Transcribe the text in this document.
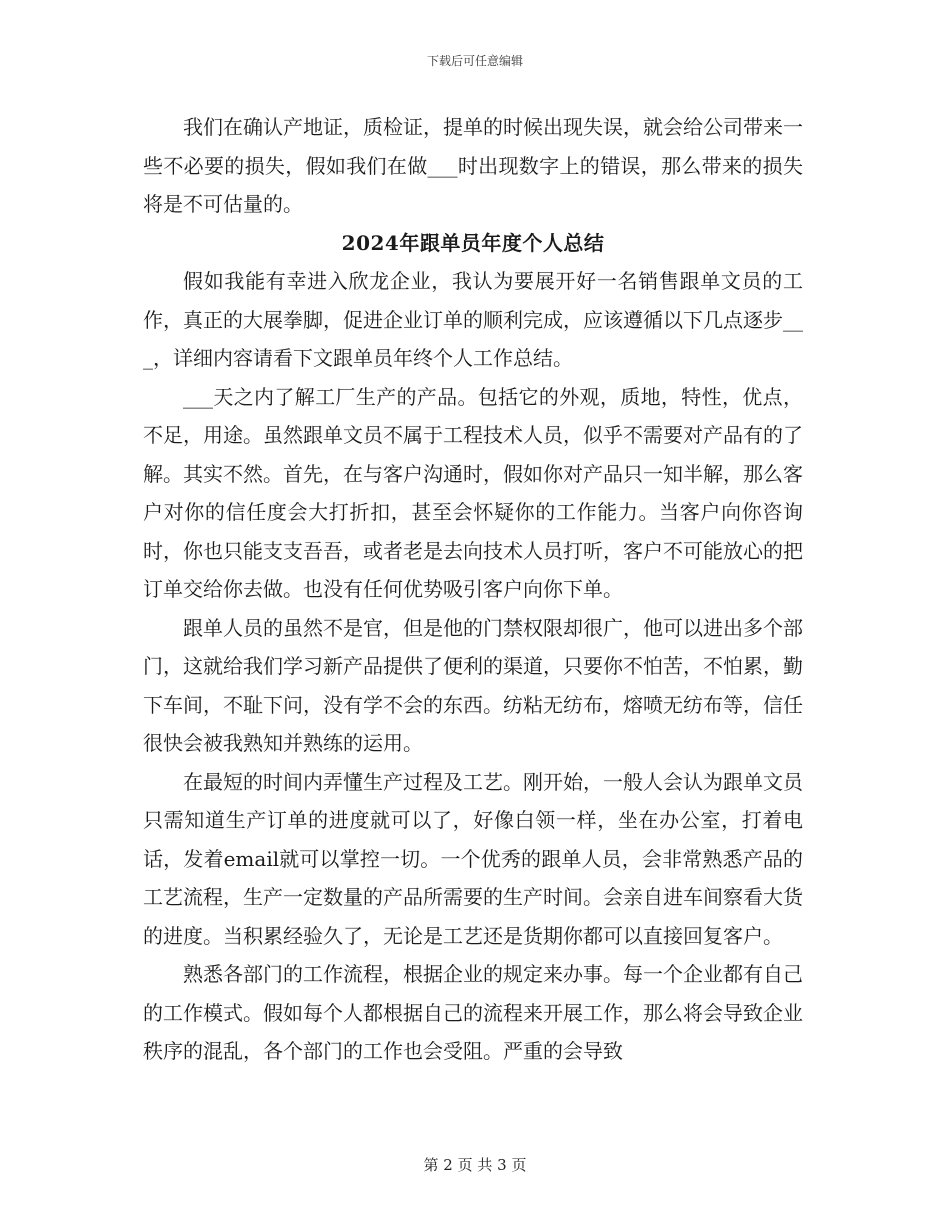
下载后可任意编辑

我们在确认产地证，质检证，提单的时候出现失误，就会给公司带来一些不必要的损失，假如我们在做___时出现数字上的错误，那么带来的损失将是不可估量的。

2024年跟单员年度个人总结

假如我能有幸进入欣龙企业，我认为要展开好一名销售跟单文员的工作，真正的大展拳脚，促进企业订单的顺利完成，应该遵循以下几点逐步___，详细内容请看下文跟单员年终个人工作总结。

___天之内了解工厂生产的产品。包括它的外观，质地，特性，优点，不足，用途。虽然跟单文员不属于工程技术人员，似乎不需要对产品有的了解。其实不然。首先，在与客户沟通时，假如你对产品只一知半解，那么客户对你的信任度会大打折扣，甚至会怀疑你的工作能力。当客户向你咨询时，你也只能支支吾吾，或者老是去向技术人员打听，客户不可能放心的把订单交给你去做。也没有任何优势吸引客户向你下单。

跟单人员的虽然不是官，但是他的门禁权限却很广，他可以进出多个部门，这就给我们学习新产品提供了便利的渠道，只要你不怕苦，不怕累，勤下车间，不耻下问，没有学不会的东西。纺粘无纺布，熔喷无纺布等，信任很快会被我熟知并熟练的运用。

在最短的时间内弄懂生产过程及工艺。刚开始，一般人会认为跟单文员只需知道生产订单的进度就可以了，好像白领一样，坐在办公室，打着电话，发着email就可以掌控一切。一个优秀的跟单人员，会非常熟悉产品的工艺流程，生产一定数量的产品所需要的生产时间。会亲自进车间察看大货的进度。当积累经验久了，无论是工艺还是货期你都可以直接回复客户。

熟悉各部门的工作流程，根据企业的规定来办事。每一个企业都有自己的工作模式。假如每个人都根据自己的流程来开展工作，那么将会导致企业秩序的混乱，各个部门的工作也会受阻。严重的会导致

第 2 页 共 3 页
